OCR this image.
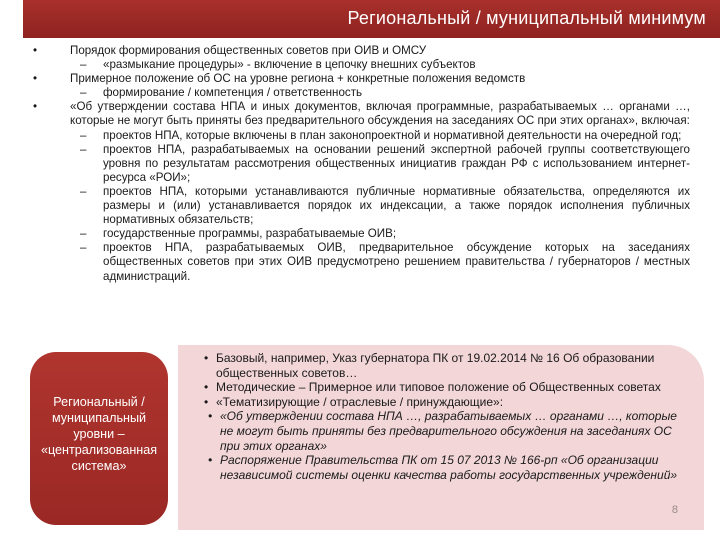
Региональный / муниципальный минимум

•	Порядок формирования общественных советов при ОИВ и ОМСУ

– «размыкание процедуры» - включение в цепочку внешних субъектов

•	Примерное положение об ОС на уровне региона + конкретные положения ведомств

– формирование / компетенция / ответственность

•	«Об утверждении состава НПА и иных документов, включая программные, разрабатываемых … органами …, которые не могут быть приняты без предварительного обсуждения на заседаниях ОС при этих органах», включая:

– проектов НПА, которые включены в план законопроектной и нормативной деятельности на очередной год;

– проектов НПА, разрабатываемых на основании решений экспертной рабочей группы соответствующего уровня по результатам рассмотрения общественных инициатив граждан РФ с использованием интернет-ресурса «РОИ»;

– проектов НПА, которыми устанавливаются публичные нормативные обязательства, определяются их размеры и (или) устанавливается порядок их индексации, а также порядок исполнения публичных нормативных обязательств;

– государственные программы, разрабатываемые ОИВ;

– проектов НПА, разрабатываемых ОИВ, предварительное обсуждение которых на заседаниях общественных советов при этих ОИВ предусмотрено решением правительства / губернаторов / местных администраций.

Региональный /
муниципальный
уровни –
«централизованная
система»

• Базовый, например, Указ губернатора ПК от 19.02.2014 № 16 Об образовании общественных советов…

• Методические – Примерное или типовое положение об Общественных советах

• «Тематизирующие / отраслевые / принуждающие»:

• «Об утверждении состава НПА …, разрабатываемых … органами …, которые не могут быть приняты без предварительного обсуждения на заседаниях ОС при этих органах»

• Распоряжение Правительства ПК от 15 07 2013 № 166-рп «Об организации независимой системы оценки качества работы государственных учреждений»

8
